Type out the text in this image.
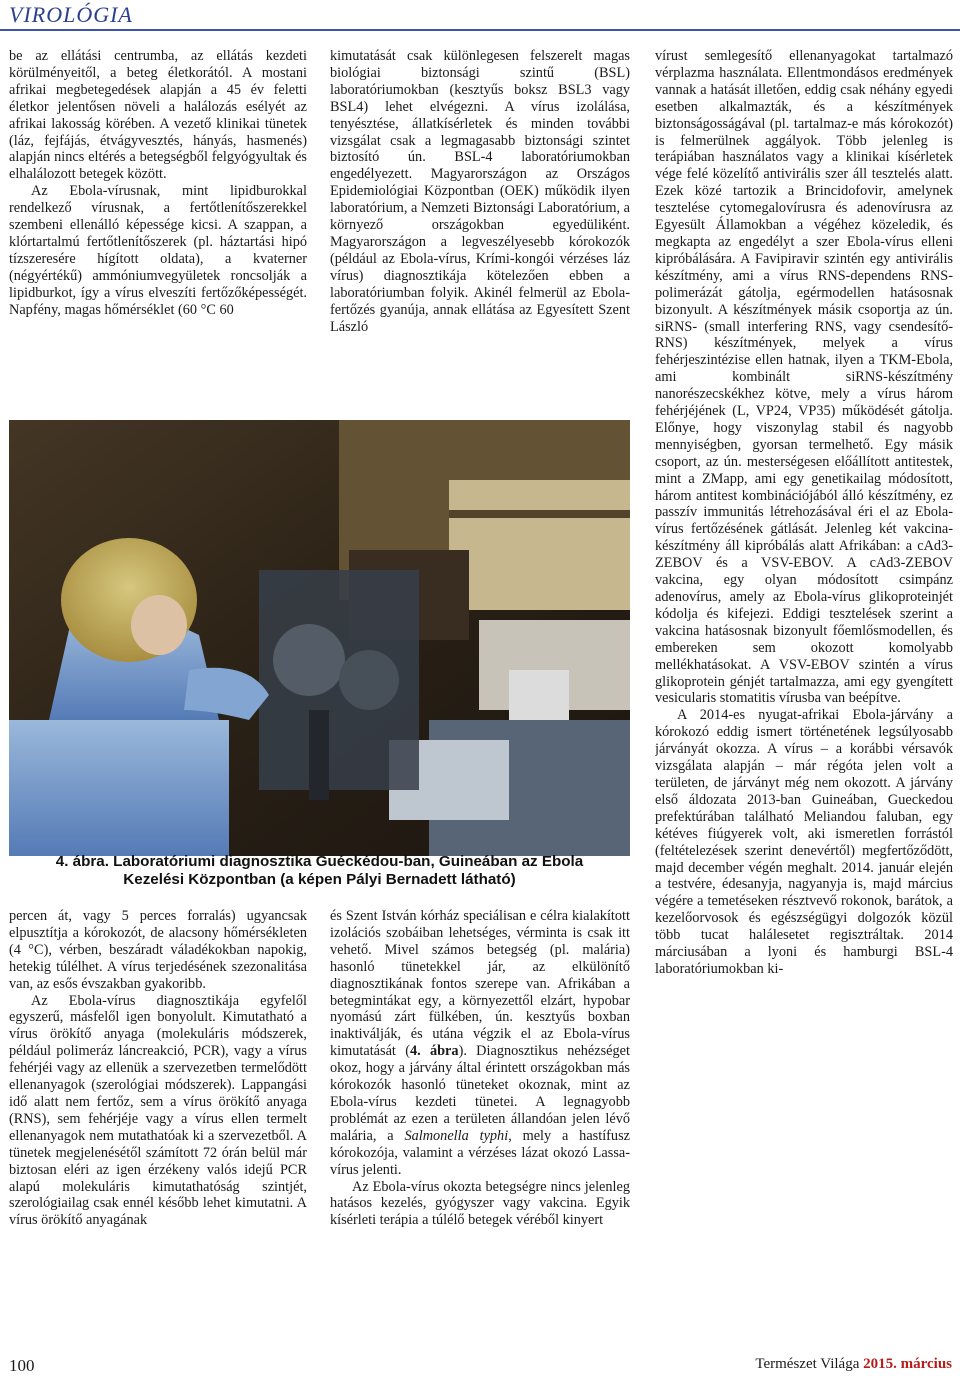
VIROLÓGIA

be az ellátási centrumba, az ellátás kezdeti körülményeitől, a beteg életkorától. A mostani afrikai megbetegedések alapján a 45 év feletti életkor jelentősen növeli a halálozás esélyét az afrikai lakosság körében. A vezető klinikai tünetek (láz, fejfájás, étvágyvesztés, hányás, hasmenés) alapján nincs eltérés a betegségből felgyógyultak és elhalálozott betegek között.

Az Ebola-vírusnak, mint lipidburokkal rendelkező vírusnak, a fertőtlenítőszerekkel szembeni ellenálló képessége kicsi. A szappan, a klórtartalmú fertőtlenítőszerek (pl. háztartási hipó tízszeresére hígított oldata), a kvaterner (négyértékű) ammóniumvegyületek roncsolják a lipidburkot, így a vírus elveszíti fertőzőképességét. Napfény, magas hőmérséklet (60 °C 60

kimutatását csak különlegesen felszerelt magas biológiai biztonsági szintű (BSL) laboratóriumokban (kesztyűs boksz BSL3 vagy BSL4) lehet elvégezni. A vírus izolálása, tenyésztése, állatkísérletek és minden további vizsgálat csak a legmagasabb biztonsági szintet biztosító ún. BSL-4 laboratóriumokban engedélyezett. Magyarországon az Országos Epidemiológiai Központban (OEK) működik ilyen laboratórium, a Nemzeti Biztonsági Laboratórium, a környező országokban egyedüliként. Magyarországon a legveszélyesebb kórokozók (például az Ebola-vírus, Krími-kongói vérzéses láz vírus) diagnosztikája kötelezően ebben a laboratóriumban folyik. Akinél felmerül az Ebola-fertőzés gyanúja, annak ellátása az Egyesített Szent László

vírust semlegesítő ellenanyagokat tartalmazó vérplazma használata. Ellentmondásos eredmények vannak a hatását illetően, eddig csak néhány egyedi esetben alkalmazták, és a készítmények biztonságosságával (pl. tartalmaz-e más kórokozót) is felmerülnek aggályok. Több jelenleg is terápiában használatos vagy a klinikai kísérletek vége felé közelítő antivirális szer áll tesztelés alatt. Ezek közé tartozik a Brincidofovir, amelynek tesztelése cytomegalovírusra és adenovírusra az Egyesült Államokban a végéhez közeledik, és megkapta az engedélyt a szer Ebola-vírus elleni kipróbálására. A Favipiravir szintén egy antivirális készítmény, ami a vírus RNS-dependens RNS-polimerázát gátolja, egérmodellen hatásosnak bizonyult. A készítmények másik csoportja az ún. siRNS- (small interfering RNS, vagy csendesítő-RNS) készítmények, melyek a vírus fehérjeszintézise ellen hatnak, ilyen a TKM-Ebola, ami kombinált siRNS-készítmény nanorészecskékhez kötve, mely a vírus három fehérjéjének (L, VP24, VP35) működését gátolja. Előnye, hogy viszonylag stabil és nagyobb mennyiségben, gyorsan termelhető. Egy másik csoport, az ún. mesterségesen előállított antitestek, mint a ZMapp, ami egy genetikailag módosított, három antitest kombinációjából álló készítmény, ez passzív immunitás létrehozásával éri el az Ebola-vírus fertőzésének gátlását. Jelenleg két vakcina-készítmény áll kipróbálás alatt Afrikában: a cAd3-ZEBOV és a VSV-EBOV. A cAd3-ZEBOV vakcina, egy olyan módosított csimpánz adenovírus, amely az Ebola-vírus glikoproteinjét kódolja és kifejezi. Eddigi tesztelések szerint a vakcina hatásosnak bizonyult főemlősmodellen, és embereken sem okozott komolyabb mellékhatásokat. A VSV-EBOV szintén a vírus glikoprotein génjét tartalmazza, ami egy gyengített vesicularis stomatitis vírusba van beépítve.

A 2014-es nyugat-afrikai Ebola-járvány a kórokozó eddig ismert történetének legsúlyosabb járványát okozza. A vírus – a korábbi vérsavók vizsgálata alapján – már régóta jelen volt a területen, de járványt még nem okozott. A járvány első áldozata 2013-ban Guineában, Gueckedou prefektúrában található Meliandou faluban, egy kétéves fiúgyerek volt, aki ismeretlen forrástól (feltételezések szerint denevértől) megfertőződött, majd december végén meghalt. 2014. január elején a testvére, édesanyja, nagyanyja is, majd március végére a temetéseken résztvevő rokonok, barátok, a kezelőorvosok és egészségügyi dolgozók közül több tucat halálesetet regisztráltak. 2014 márciusában a lyoni és hamburgi BSL-4 laboratóriumokban ki-

4. ábra. Laboratóriumi diagnosztika Guéckédou-ban, Guineában az Ebola
Kezelési Központban (a képen Pályi Bernadett látható)

percen át, vagy 5 perces forralás) ugyancsak elpusztítja a kórokozót, de alacsony hőmérsékleten (4 °C), vérben, beszáradt váladékokban napokig, hetekig túlélhet. A vírus terjedésének szezonalitása van, az esős évszakban gyakoribb.

Az Ebola-vírus diagnosztikája egyfelől egyszerű, másfelől igen bonyolult. Kimutatható a vírus örökítő anyaga (molekuláris módszerek, például polimeráz láncreakció, PCR), vagy a vírus fehérjéi vagy az ellenük a szervezetben termelődött ellenanyagok (szerológiai módszerek). Lappangási idő alatt nem fertőz, sem a vírus örökítő anyaga (RNS), sem fehérjéje vagy a vírus ellen termelt ellenanyagok nem mutathatóak ki a szervezetből. A tünetek megjelenésétől számított 72 órán belül már biztosan eléri az igen érzékeny valós idejű PCR alapú molekuláris kimutathatóság szintjét, szerológiailag csak ennél később lehet kimutatni. A vírus örökítő anyagának

és Szent István kórház speciálisan e célra kialakított izolációs szobáiban lehetséges, vérminta is csak itt vehető. Mivel számos betegség (pl. malária) hasonló tünetekkel jár, az elkülönítő diagnosztikának fontos szerepe van. Afrikában a betegmintákat egy, a környezettől elzárt, hypobar nyomású zárt fülkében, ún. kesztyűs boxban inaktiválják, és utána végzik el az Ebola-vírus kimutatását (4. ábra). Diagnosztikus nehézséget okoz, hogy a járvány által érintett országokban más kórokozók hasonló tüneteket okoznak, mint az Ebola-vírus kezdeti tünetei. A legnagyobb problémát az ezen a területen állandóan jelen lévő malária, a Salmonella typhi, mely a hastífusz kórokozója, valamint a vérzéses lázat okozó Lassa-vírus jelenti.

Az Ebola-vírus okozta betegségre nincs jelenleg hatásos kezelés, gyógyszer vagy vakcina. Egyik kísérleti terápia a túlélő betegek véréből kinyert

100	Természet Világa 2015. március
